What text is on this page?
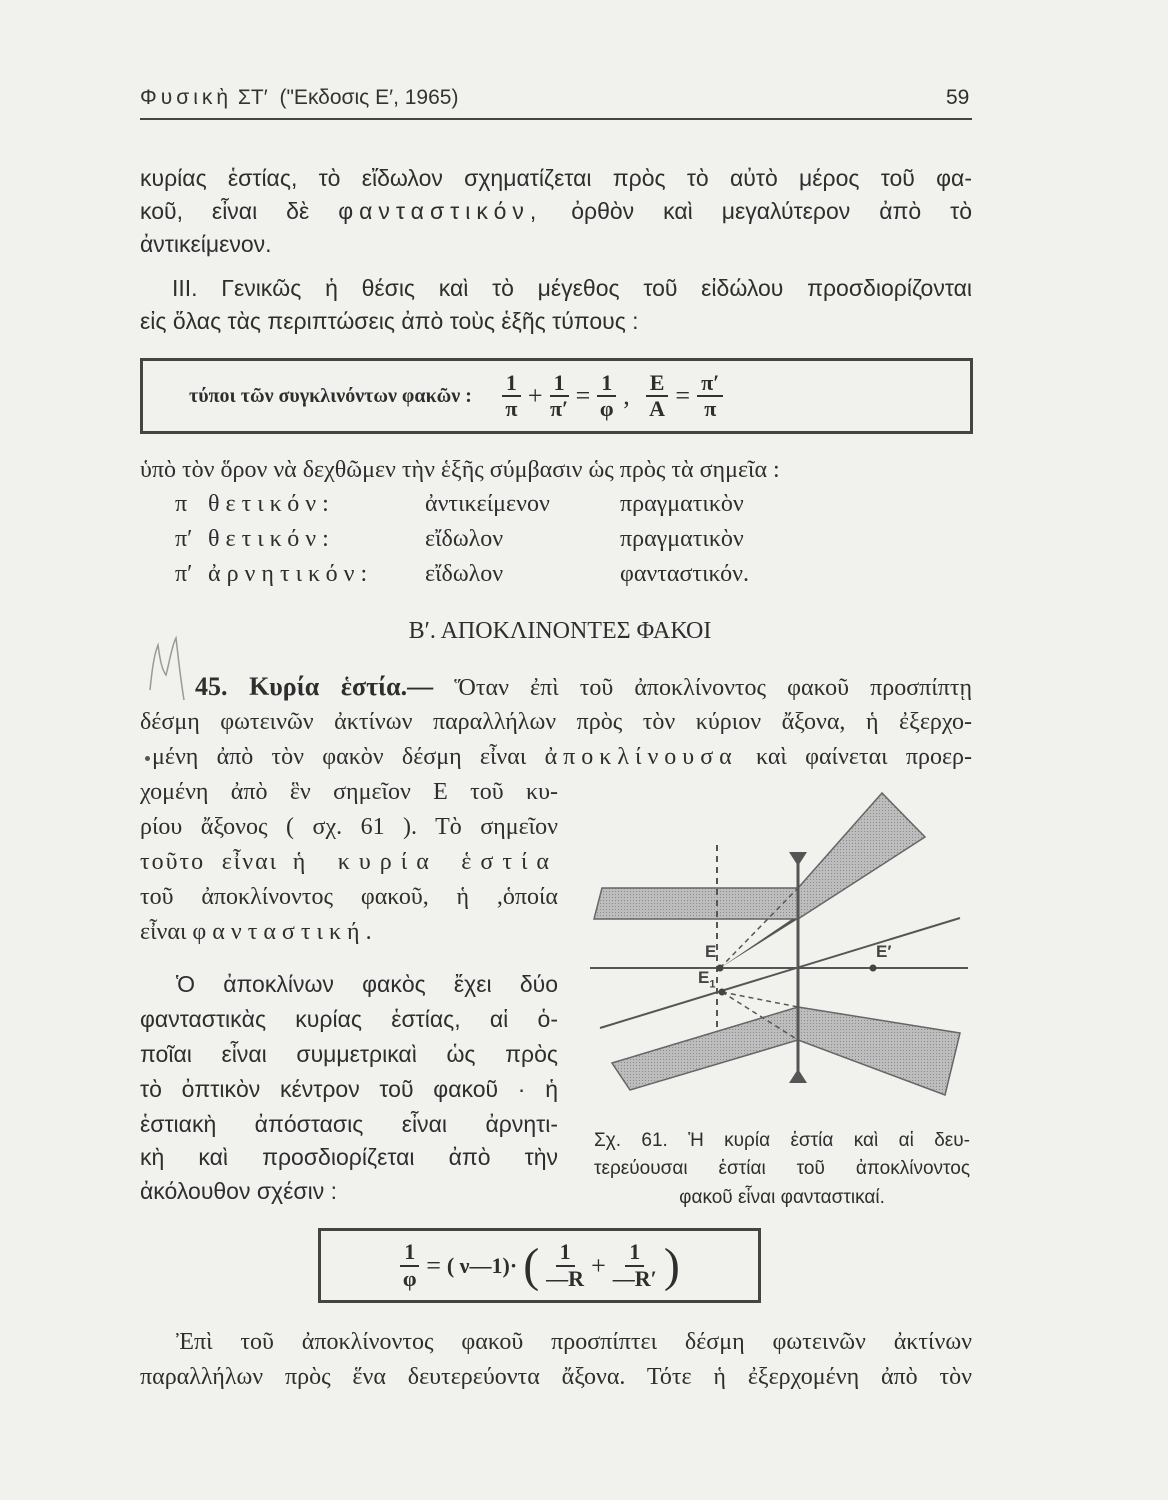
Φυσικὴ ΣΤ′ ("Εκδοσις Ε′, 1965)	59
κυρίας ἑστίας, τὸ εἴδωλον σχηματίζεται πρὸς τὸ αὐτὸ μέρος τοῦ φα-
κοῦ, εἶναι δὲ φανταστικόν, ὀρθὸν καὶ μεγαλύτερον ἀπὸ τὸ
ἀντικείμενον.
III. Γενικῶς ἡ θέσις καὶ τὸ μέγεθος τοῦ εἰδώλου προσδιορίζονται
εἰς ὅλας τὰς περιπτώσεις ἀπὸ τοὺς ἑξῆς τύπους :
τύποι τῶν συγκλινόντων φακῶν : $\frac{1}{\pi} + \frac{1}{\pi'} = \frac{1}{\varphi}$ , $\frac{E}{A} = \frac{\pi'}{\pi}$
ὑπὸ τὸν ὅρον νὰ δεχθῶμεν τὴν ἑξῆς σύμβασιν ὡς πρὸς τὰ σημεῖα :
π θετικόν:	ἀντικείμενον	πραγματικὸν
π′ θετικόν:	εἴδωλον	πραγματικὸν
π′ ἀρνητικόν: εἴδωλον	φανταστικόν.
Β′. ΑΠΟΚΛΙΝΟΝΤΕΣ ΦΑΚΟΙ
45. Κυρία ἑστία.— Ὅταν ἐπὶ τοῦ ἀποκλίνοντος φακοῦ προσπίπτῃ
δέσμη φωτεινῶν ἀκτίνων παραλλήλων πρὸς τὸν κύριον ἄξονα, ἡ ἐξερχο-
μένη ἀπὸ τὸν φακὸν δέσμη εἶναι ἀποκλίνουσα καὶ φαίνεται προερ-
χομένη ἀπὸ ἓν σημεῖον Ε τοῦ κυ-
ρίου ἄξονος ( σχ. 61 ). Τὸ σημεῖον
τοῦτο εἶναι ἡ κυρία ἑστία
τοῦ ἀποκλίνοντος φακοῦ, ἡ ,ὁποία
εἶναι φανταστική.
Ὁ ἀποκλίνων φακὸς ἔχει δύο
φανταστικὰς κυρίας ἑστίας, αἱ ὁ-
ποῖαι εἶναι συμμετρικαὶ ὡς πρὸς
τὸ ὀπτικὸν κέντρον τοῦ φακοῦ · ἡ
ἑστιακὴ ἀπόστασις εἶναι ἀρνητι-
κὴ καὶ προσδιορίζεται ἀπὸ τὴν
ἀκόλουθον σχέσιν :
Ε
$E_1$
Ε′
Σχ. 61. Ἡ κυρία ἑστία καὶ αἱ δευ-
τερεύουσαι ἑστίαι τοῦ ἀποκλίνοντος
φακοῦ εἶναι φανταστικαί.
$\frac{1}{\varphi}$ = ( ν—1)· ( $\frac{1}{—R} + \frac{1}{—R'}$ )
Ἐπὶ τοῦ ἀποκλίνοντος φακοῦ προσπίπτει δέσμη φωτεινῶν ἀκτίνων
παραλλήλων πρὸς ἕνα δευτερεύοντα ἄξονα. Τότε ἡ ἐξερχομένη ἀπὸ τὸν
